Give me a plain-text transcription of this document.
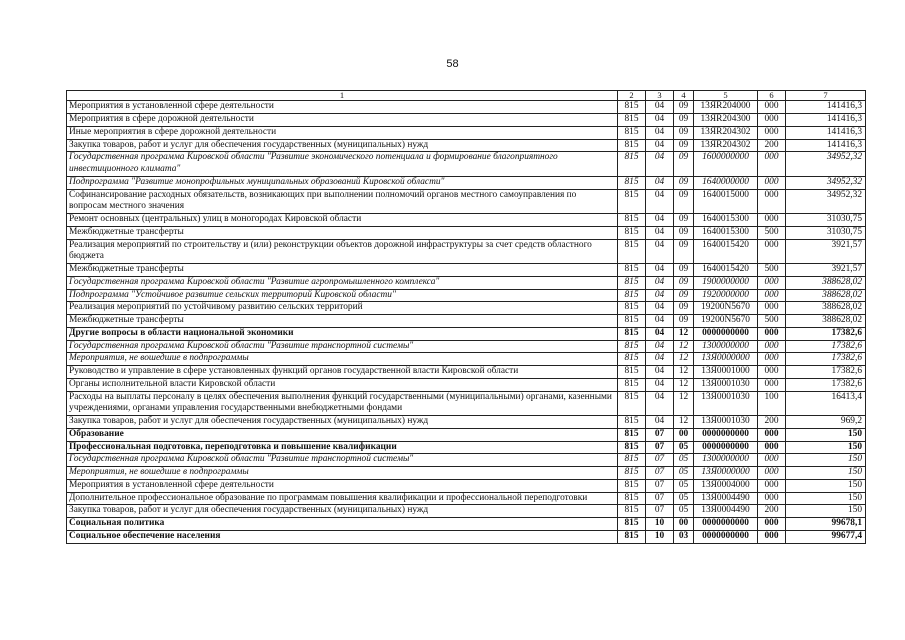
58
1	2	3	4	5	6	7
Мероприятия в установленной сфере деятельности	815	04	09	13ЯR204000	000	141416,3
Мероприятия в сфере дорожной деятельности	815	04	09	13ЯR204300	000	141416,3
Иные мероприятия в сфере дорожной деятельности	815	04	09	13ЯR204302	000	141416,3
Закупка товаров, работ и услуг для обеспечения государственных (муниципальных) нужд	815	04	09	13ЯR204302	200	141416,3
Государственная программа Кировской области "Развитие экономического потенциала и формирование благоприятного инвестиционного климата"	815	04	09	1600000000	000	34952,32
Подпрограмма "Развитие монопрофильных муниципальных образований Кировской области"	815	04	09	1640000000	000	34952,32
Софинансирование расходных обязательств, возникающих при выполнении полномочий органов местного самоуправления по вопросам местного значения	815	04	09	1640015000	000	34952,32
Ремонт основных (центральных) улиц в моногородах Кировской области	815	04	09	1640015300	000	31030,75
Межбюджетные трансферты	815	04	09	1640015300	500	31030,75
Реализация мероприятий по строительству и (или) реконструкции объектов дорожной инфраструктуры за счет средств областного бюджета	815	04	09	1640015420	000	3921,57
Межбюджетные трансферты	815	04	09	1640015420	500	3921,57
Государственная программа Кировской области "Развитие агропромышленного комплекса"	815	04	09	1900000000	000	388628,02
Подпрограмма "Устойчивое развитие сельских территорий Кировской области"	815	04	09	1920000000	000	388628,02
Реализация мероприятий по устойчивому развитию сельских территорий	815	04	09	19200N5670	000	388628,02
Межбюджетные трансферты	815	04	09	19200N5670	500	388628,02
Другие вопросы в области национальной экономики	815	04	12	0000000000	000	17382,6
Государственная программа Кировской области "Развитие транспортной системы"	815	04	12	1300000000	000	17382,6
Мероприятия, не вошедшие в подпрограммы	815	04	12	13Я0000000	000	17382,6
Руководство и управление в сфере установленных функций органов государственной власти Кировской области	815	04	12	13Я0001000	000	17382,6
Органы исполнительной власти Кировской области	815	04	12	13Я0001030	000	17382,6
Расходы на выплаты персоналу в целях обеспечения выполнения функций государственными (муниципальными) органами, казенными учреждениями, органами управления государственными внебюджетными фондами	815	04	12	13Я0001030	100	16413,4
Закупка товаров, работ и услуг для обеспечения государственных (муниципальных) нужд	815	04	12	13Я0001030	200	969,2
Образование	815	07	00	0000000000	000	150
Профессиональная подготовка, переподготовка и повышение квалификации	815	07	05	0000000000	000	150
Государственная программа Кировской области "Развитие транспортной системы"	815	07	05	1300000000	000	150
Мероприятия, не вошедшие в подпрограммы	815	07	05	13Я0000000	000	150
Мероприятия в установленной сфере деятельности	815	07	05	13Я0004000	000	150
Дополнительное профессиональное образование по программам повышения квалификации и профессиональной переподготовки	815	07	05	13Я0004490	000	150
Закупка товаров, работ и услуг для обеспечения государственных (муниципальных) нужд	815	07	05	13Я0004490	200	150
Социальная политика	815	10	00	0000000000	000	99678,1
Социальное обеспечение населения	815	10	03	0000000000	000	99677,4
